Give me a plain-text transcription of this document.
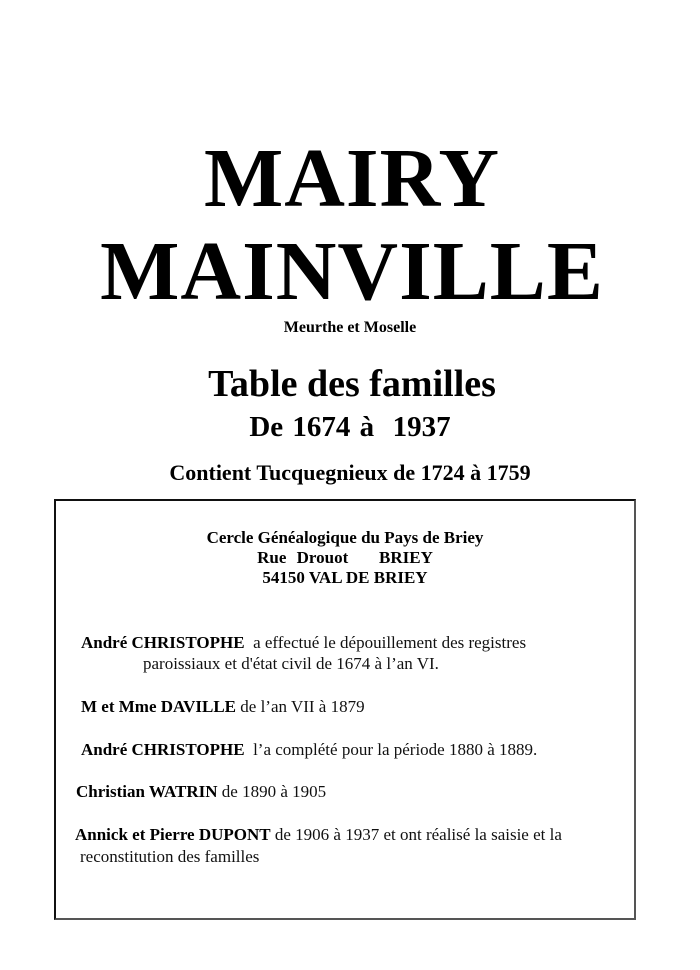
MAIRY
MAINVILLE
Meurthe et Moselle
Table des familles
De 1674 à  1937
Contient Tucquegnieux de 1724 à 1759
Cercle Généalogique du Pays de Briey
Rue Drouot   BRIEY
54150 VAL DE BRIEY
André CHRISTOPHE  a effectué le dépouillement des registres
paroissiaux et d'état civil de 1674 à l’an VI.
M et Mme DAVILLE de l’an VII à 1879
André CHRISTOPHE  l’a complété pour la période 1880 à 1889.
Christian WATRIN de 1890 à 1905
Annick et Pierre DUPONT de 1906 à 1937 et ont réalisé la saisie et la
reconstitution des familles
